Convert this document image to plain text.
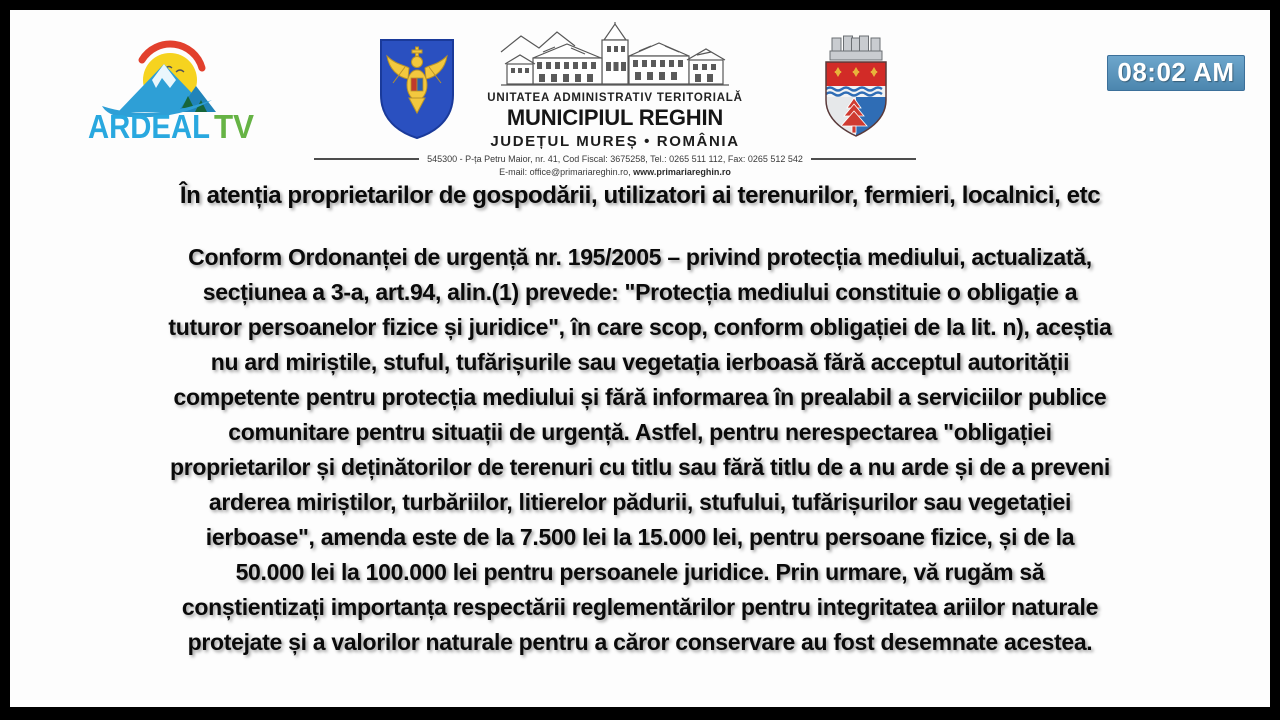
ARDEAL TV
UNITATEA ADMINISTRATIV TERITORIALĂ
MUNICIPIUL REGHIN
JUDEȚUL MUREȘ • ROMÂNIA
545300 - P-ța Petru Maior, nr. 41, Cod Fiscal: 3675258, Tel.: 0265 511 112, Fax: 0265 512 542
E-mail: office@primariareghin.ro, www.primariareghin.ro
08:02 AM
În atenția proprietarilor de gospodării, utilizatori ai terenurilor, fermieri, localnici, etc
Conform Ordonanței de urgență nr. 195/2005 – privind protecția mediului, actualizată,
secțiunea a 3-a, art.94, alin.(1) prevede: "Protecția mediului constituie o obligație a
tuturor persoanelor fizice și juridice", în care scop, conform obligației de la lit. n), aceștia
nu ard miriștile, stuful, tufărișurile sau vegetația ierboasă fără acceptul autorității
competente pentru protecția mediului și fără informarea în prealabil a serviciilor publice
comunitare pentru situații de urgență. Astfel, pentru nerespectarea "obligației
proprietarilor și deținătorilor de terenuri cu titlu sau fără titlu de a nu arde și de a preveni
arderea miriștilor, turbăriilor, litierelor pădurii, stufului, tufărișurilor sau vegetației
ierboase", amenda este de la 7.500 lei la 15.000 lei, pentru persoane fizice, și de la
50.000 lei la 100.000 lei pentru persoanele juridice. Prin urmare, vă rugăm să
conștientizați importanța respectării reglementărilor pentru integritatea ariilor naturale
protejate și a valorilor naturale pentru a căror conservare au fost desemnate acestea.
